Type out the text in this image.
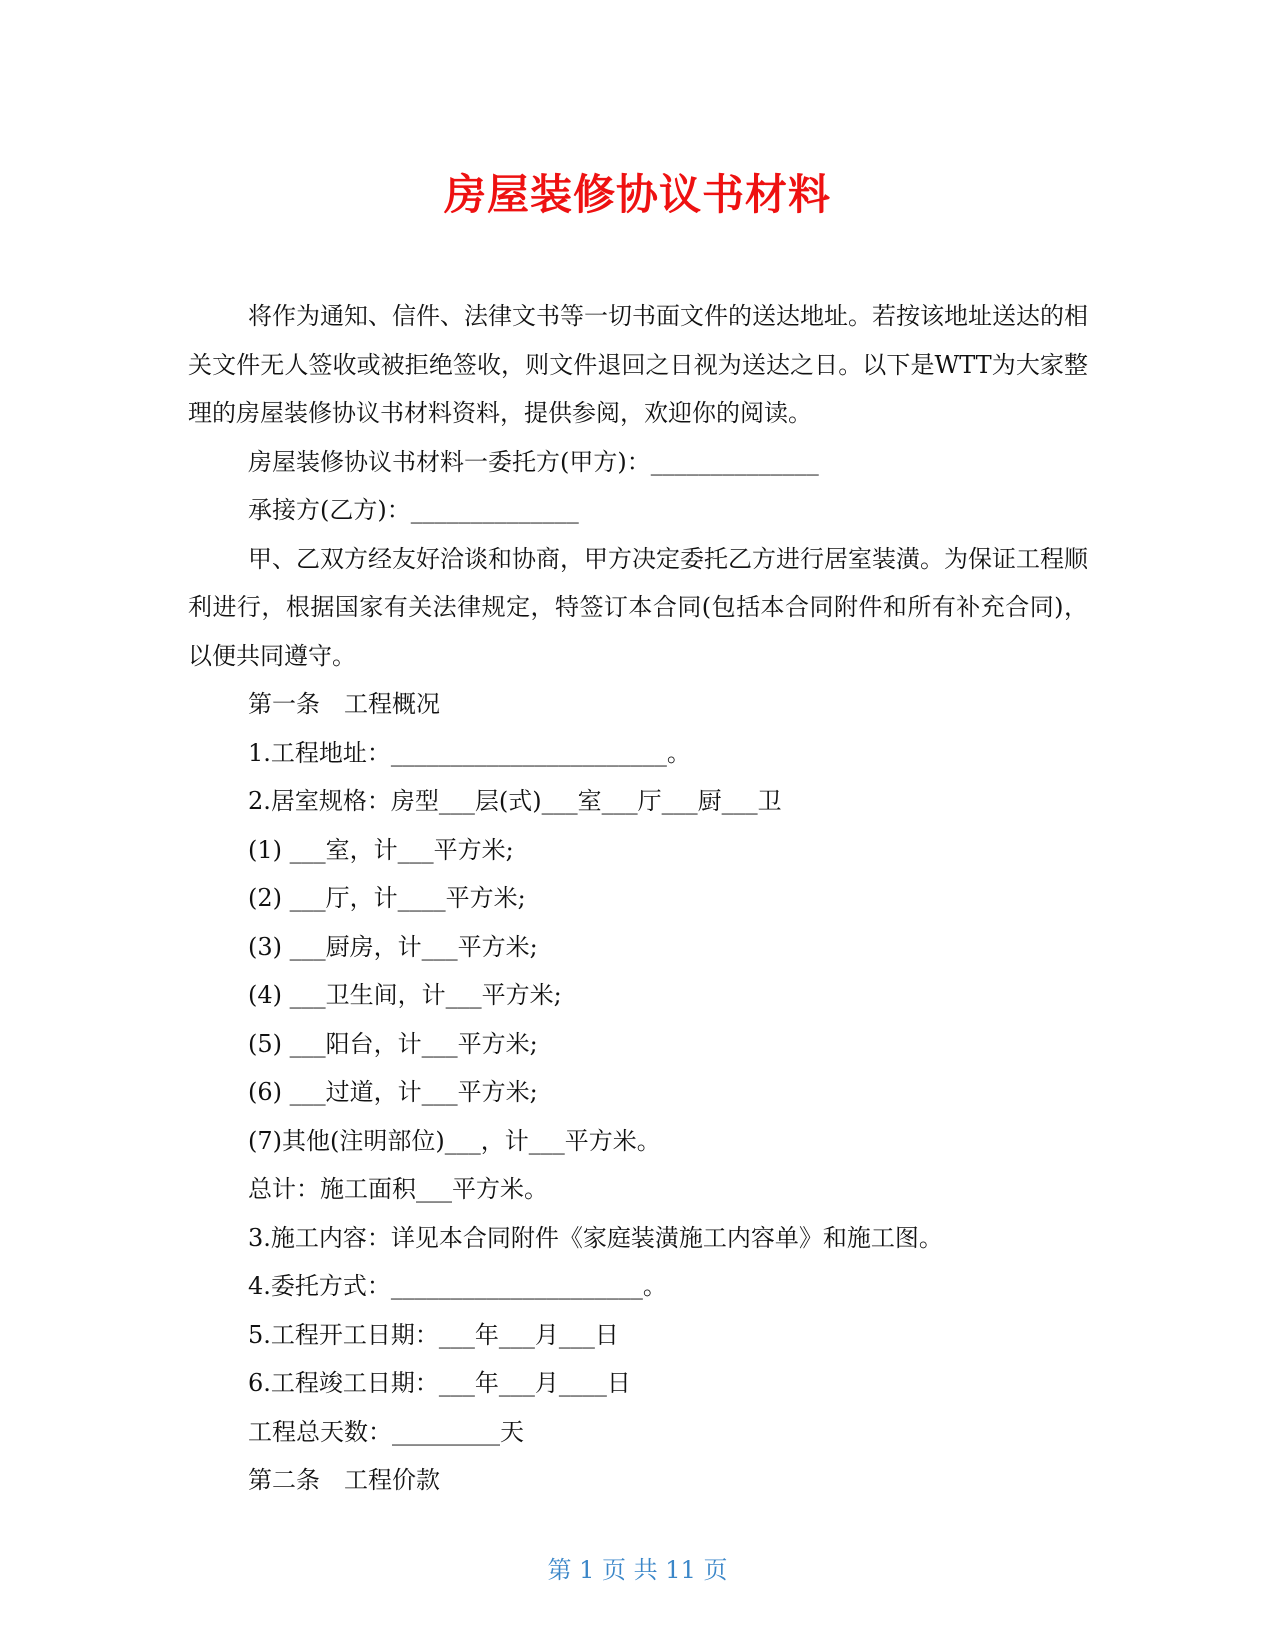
房屋装修协议书材料

将作为通知、信件、法律文书等一切书面文件的送达地址。若按该地址送达的相关文件无人签收或被拒绝签收，则文件退回之日视为送达之日。以下是WTT为大家整理的房屋装修协议书材料资料，提供参阅，欢迎你的阅读。

房屋装修协议书材料一委托方(甲方)：______________

承接方(乙方)：______________

甲、乙双方经友好洽谈和协商，甲方决定委托乙方进行居室装潢。为保证工程顺利进行，根据国家有关法律规定，特签订本合同(包括本合同附件和所有补充合同)，以便共同遵守。

第一条　工程概况

1.工程地址：_______________________。

2.居室规格：房型___层(式)___室___厅___厨___卫

(1) ___室，计___平方米;

(2) ___厅，计____平方米;

(3) ___厨房，计___平方米;

(4) ___卫生间，计___平方米;

(5) ___阳台，计___平方米;

(6) ___过道，计___平方米;

(7)其他(注明部位)___，计___平方米。

总计：施工面积___平方米。

3.施工内容：详见本合同附件《家庭装潢施工内容单》和施工图。

4.委托方式：_____________________。

5.工程开工日期：___年___月___日

6.工程竣工日期：___年___月____日

工程总天数：_________天

第二条　工程价款

第 1 页 共 11 页
